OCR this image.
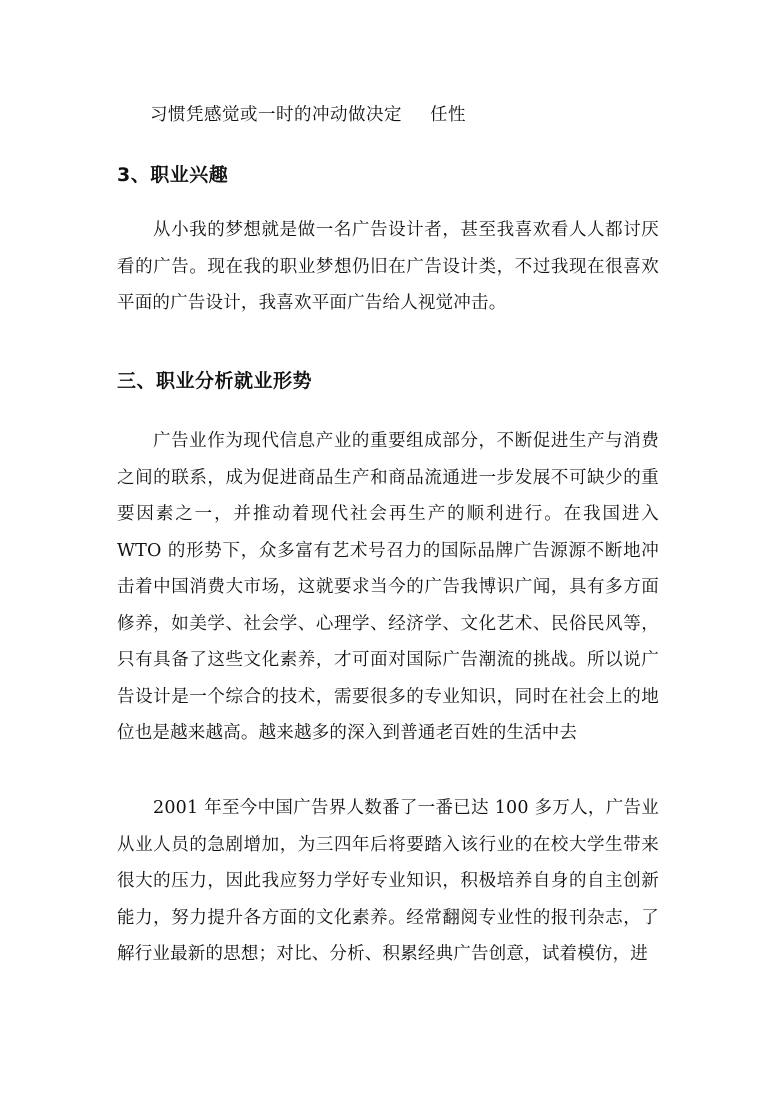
习惯凭感觉或一时的冲动做决定 任性
3、职业兴趣

从小我的梦想就是做一名广告设计者，甚至我喜欢看人人都讨厌看的广告。现在我的职业梦想仍旧在广告设计类，不过我现在很喜欢平面的广告设计，我喜欢平面广告给人视觉冲击。

三、职业分析就业形势

广告业作为现代信息产业的重要组成部分，不断促进生产与消费之间的联系，成为促进商品生产和商品流通进一步发展不可缺少的重要因素之一，并推动着现代社会再生产的顺利进行。在我国进入 WTO 的形势下，众多富有艺术号召力的国际品牌广告源源不断地冲击着中国消费大市场，这就要求当今的广告我博识广闻，具有多方面修养，如美学、社会学、心理学、经济学、文化艺术、民俗民风等，只有具备了这些文化素养，才可面对国际广告潮流的挑战。所以说广告设计是一个综合的技术，需要很多的专业知识，同时在社会上的地位也是越来越高。越来越多的深入到普通老百姓的生活中去

2001 年至今中国广告界人数番了一番已达 100 多万人，广告业从业人员的急剧增加，为三四年后将要踏入该行业的在校大学生带来很大的压力，因此我应努力学好专业知识，积极培养自身的自主创新能力，努力提升各方面的文化素养。经常翻阅专业性的报刊杂志，了解行业最新的思想；对比、分析、积累经典广告创意，试着模仿，进
